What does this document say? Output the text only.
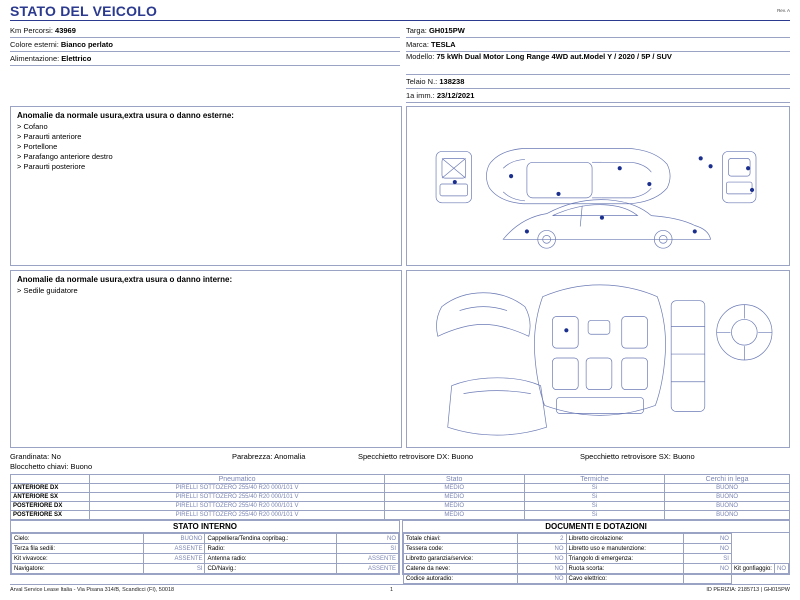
STATO DEL VEICOLO	Rev. A
Km Percorsi: 43969
Colore esterni: Bianco perlato
Alimentazione: Elettrico
Targa: GH015PW
Marca: TESLA
Modello: 75 kWh Dual Motor Long Range 4WD aut.Model Y / 2020 / 5P / SUV
Telaio N.: 138238
1a imm.: 23/12/2021
Anomalie da normale usura,extra usura o danno esterne:
> Cofano
> Paraurti anteriore
> Portellone
> Parafango anteriore destro
> Paraurti posteriore
Anomalie da normale usura,extra usura o danno interne:
> Sedile guidatore
Grandinata: No
Blocchetto chiavi: Buono
Parabrezza: Anomalia	Specchietto retrovisore DX: Buono	Specchietto retrovisore SX: Buono
	Pneumatico	Stato	Termiche	Cerchi in lega
ANTERIORE DX	PIRELLI SOTTOZERO 255/40 R20 000/101 V	MEDIO	Si	BUONO
ANTERIORE SX	PIRELLI SOTTOZERO 255/40 R20 000/101 V	MEDIO	Si	BUONO
POSTERIORE DX	PIRELLI SOTTOZERO 255/40 R20 000/101 V	MEDIO	Si	BUONO
POSTERIORE SX	PIRELLI SOTTOZERO 255/40 R20 000/101 V	MEDIO	Si	BUONO
STATO INTERNO
Cielo:	BUONO	Cappelliera/Tendina copribag.:	NO
Terza fila sedili:	ASSENTE	Radio:	SI
Kit vivavoce:	ASSENTE	Antenna radio:	ASSENTE
Navigatore:	SI	CD/Navig.:	ASSENTE
DOCUMENTI E DOTAZIONI
Totale chiavi:	2	Libretto circolazione:	NO		
Tessera code:	NO	Libretto uso e manutenzione:	NO		
Libretto garanzia/service:	NO	Triangolo di emergenza:	SI		
Catene da neve:	NO	Ruota scorta:	NO	Kit gonfiaggio:	NO
Codice autoradio:	NO	Cavo elettrico:			
Arval Service Lease Italia - Via Pisana 314/B, Scandicci (FI), 50018	1	ID PERIZIA: 2185713 | GH015PW
